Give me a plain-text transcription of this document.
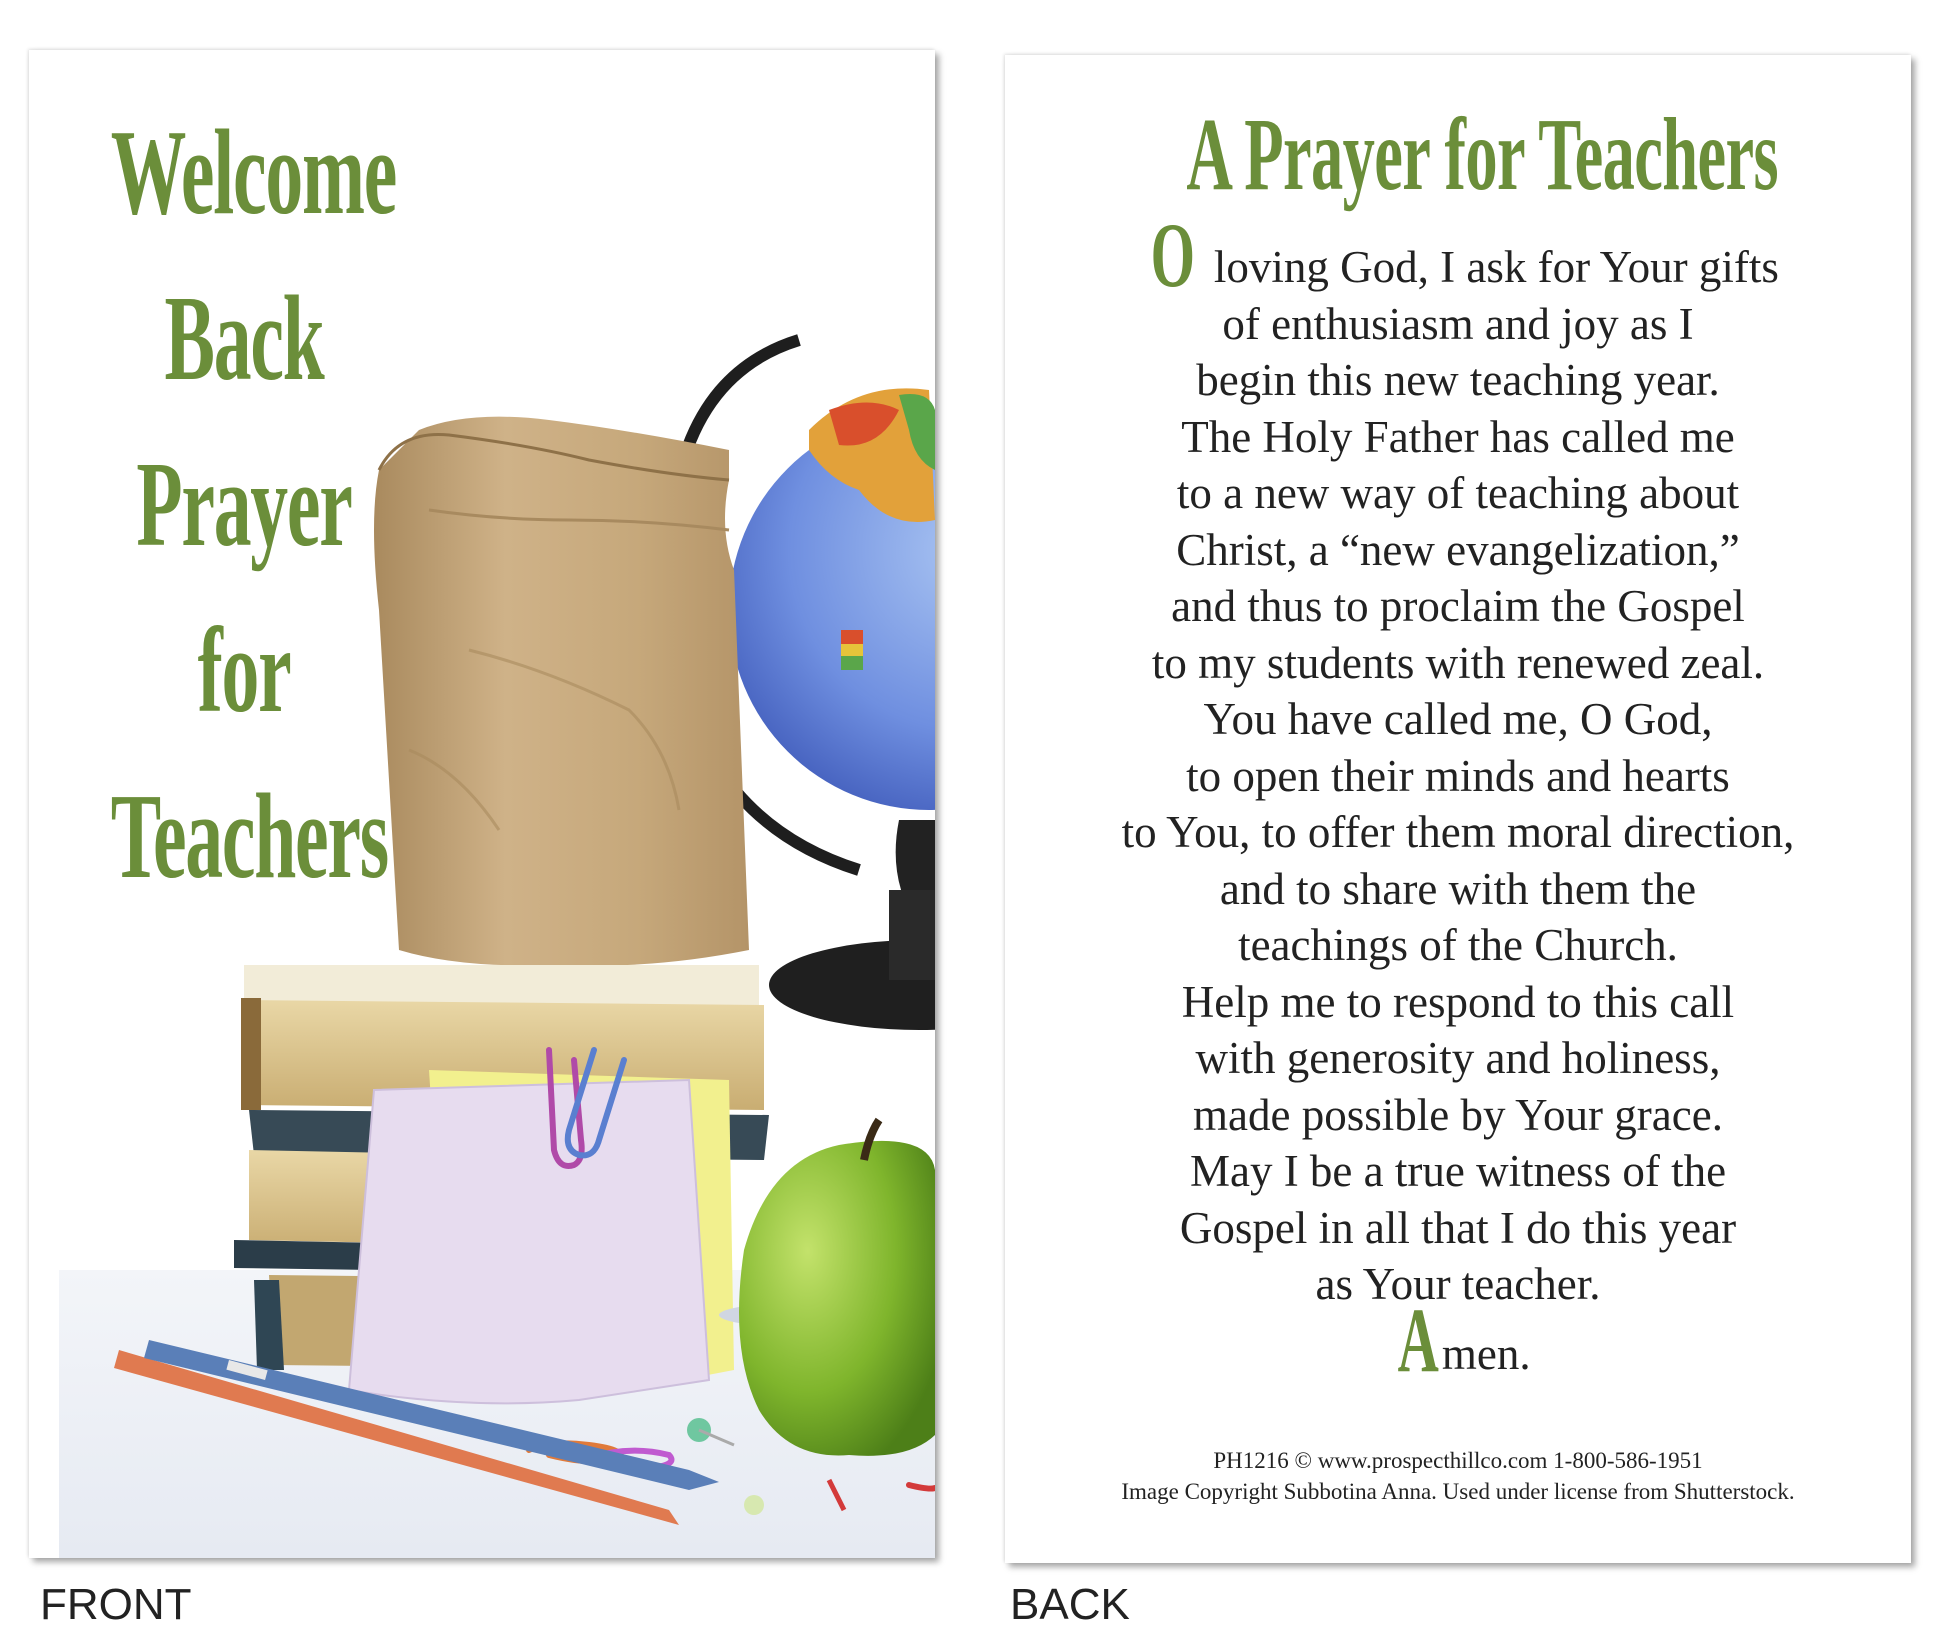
Welcome
Back
Prayer
for
Teachers
A Prayer for Teachers
O loving God, I ask for Your gifts
of enthusiasm and joy as I
begin this new teaching year.
The Holy Father has called me
to a new way of teaching about
Christ, a “new evangelization,”
and thus to proclaim the Gospel
to my students with renewed zeal.
You have called me, O God,
to open their minds and hearts
to You, to offer them moral direction,
and to share with them the
teachings of the Church.
Help me to respond to this call
with generosity and holiness,
made possible by Your grace.
May I be a true witness of the
Gospel in all that I do this year
as Your teacher.
Amen.
PH1216 © www.prospecthillco.com 1-800-586-1951
Image Copyright Subbotina Anna. Used under license from Shutterstock.
FRONT	BACK
